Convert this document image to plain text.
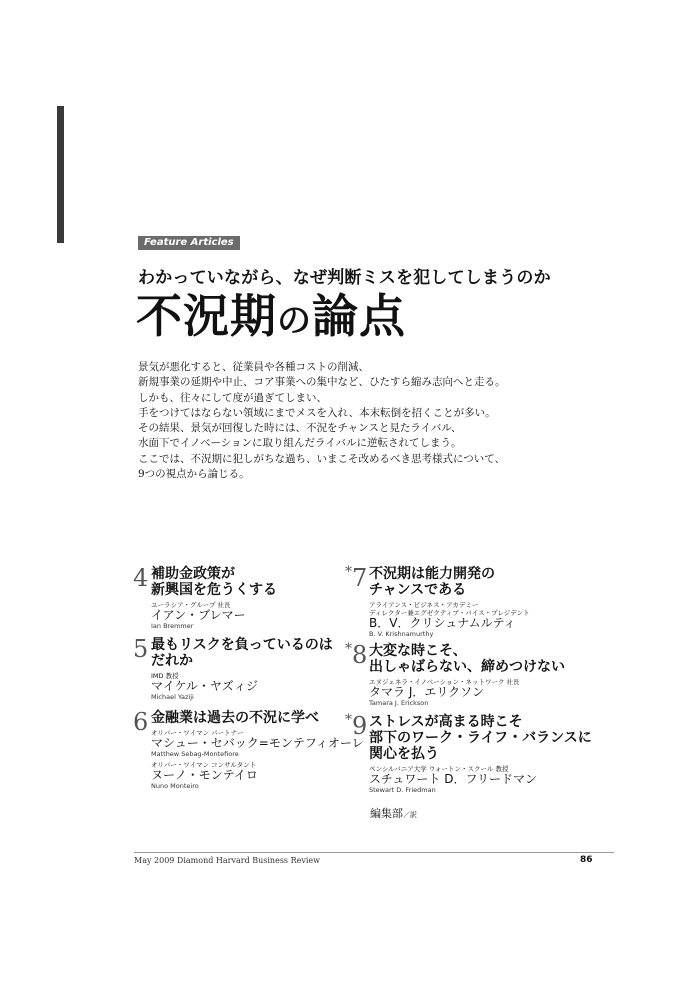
Feature Articles
わかっていながら、なぜ判断ミスを犯してしまうのか
不況期の論点
景気が悪化すると、従業員や各種コストの削減、
新規事業の延期や中止、コア事業への集中など、ひたすら縮み志向へと走る。
しかも、往々にして度が過ぎてしまい、
手をつけてはならない領域にまでメスを入れ、本末転倒を招くことが多い。
その結果、景気が回復した時には、不況をチャンスと見たライバル、
水面下でイノベーションに取り組んだライバルに逆転されてしまう。
ここでは、不況期に犯しがちな過ち、いまこそ改めるべき思考様式について、
9つの視点から論じる。
4 補助金政策が
新興国を危うくする
ユーラシア・グループ 社長
イアン・ブレマー
Ian Bremmer
5 最もリスクを負っているのは
だれか
IMD 教授
マイケル・ヤズィジ
Michael Yaziji
6 金融業は過去の不況に学べ
オリバー・ワイマン パートナー
マシュー・セバック=モンテフィオーレ
Matthew Sebag-Montefiore
オリバー・ワイマン コンサルタント
ヌーノ・モンテイロ
Nuno Monteiro
*7 不況期は能力開発の
チャンスである
アライアンス・ビジネス・アカデミー
ディレクター兼エグゼクティブ・バイス・プレジデント
B．V．クリシュナムルティ
B. V. Krishnamurthy
*8 大変な時こそ、
出しゃばらない、締めつけない
エヌジェネラ・イノベーション・ネットワーク 社長
タマラ J．エリクソン
Tamara J. Erickson
*9 ストレスが高まる時こそ
部下のワーク・ライフ・バランスに
関心を払う
ペンシルバニア大学 ウォートン・スクール 教授
スチュワート D．フリードマン
Stewart D. Friedman
編集部／訳
May 2009 Diamond Harvard Business Review	86
